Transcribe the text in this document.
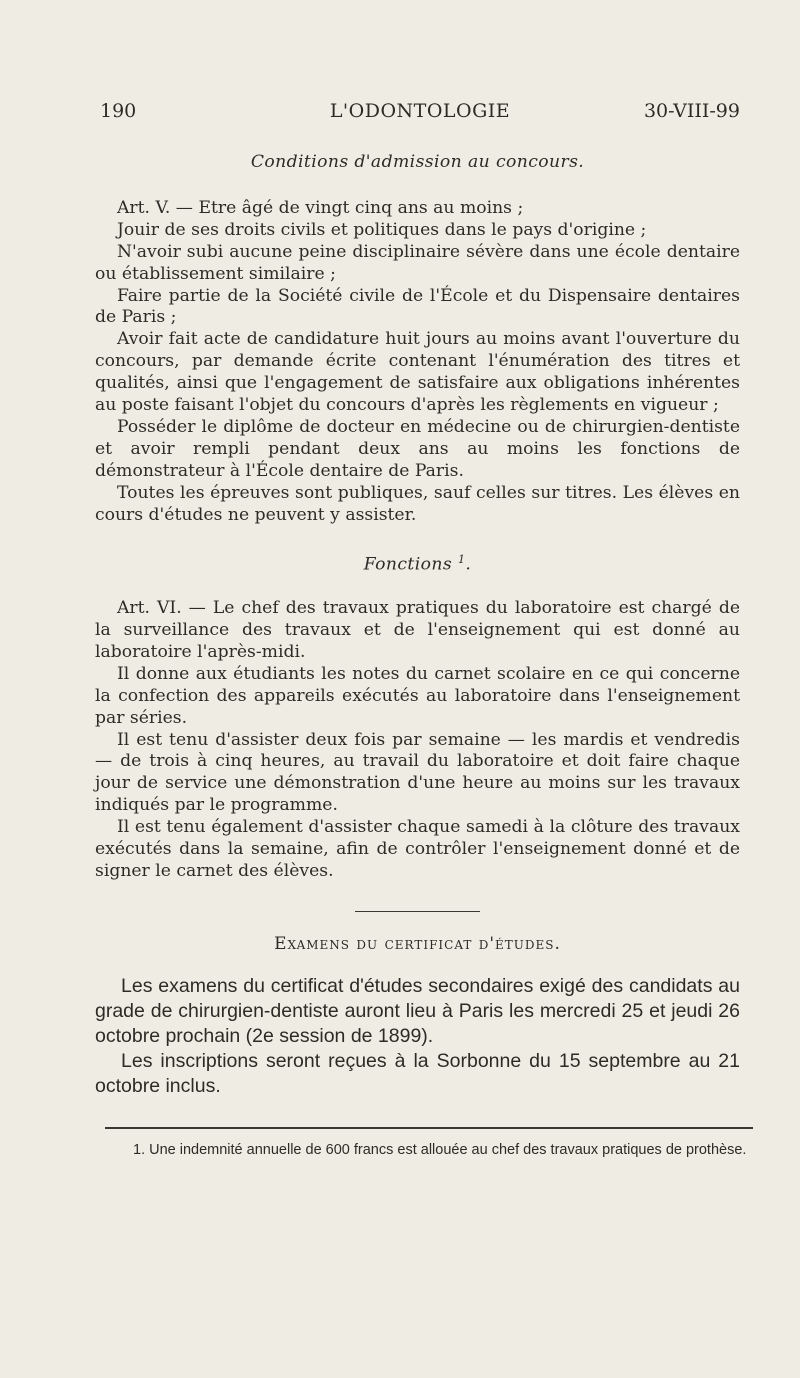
190	L'ODONTOLOGIE	30-VIII-99
Conditions d'admission au concours.

Art. V. — Etre âgé de vingt cinq ans au moins ;

Jouir de ses droits civils et politiques dans le pays d'origine ;

N'avoir subi aucune peine disciplinaire sévère dans une école dentaire ou établissement similaire ;

Faire partie de la Société civile de l'École et du Dispensaire dentaires de Paris ;

Avoir fait acte de candidature huit jours au moins avant l'ouverture du concours, par demande écrite contenant l'énumération des titres et qualités, ainsi que l'engagement de satisfaire aux obligations inhérentes au poste faisant l'objet du concours d'après les règlements en vigueur ;

Posséder le diplôme de docteur en médecine ou de chirurgien-dentiste et avoir rempli pendant deux ans au moins les fonctions de démonstrateur à l'École dentaire de Paris.

Toutes les épreuves sont publiques, sauf celles sur titres. Les élèves en cours d'études ne peuvent y assister.

Fonctions $^1$.

Art. VI. — Le chef des travaux pratiques du laboratoire est chargé de la surveillance des travaux et de l'enseignement qui est donné au laboratoire l'après-midi.

Il donne aux étudiants les notes du carnet scolaire en ce qui concerne la confection des appareils exécutés au laboratoire dans l'enseignement par séries.

Il est tenu d'assister deux fois par semaine — les mardis et vendredis — de trois à cinq heures, au travail du laboratoire et doit faire chaque jour de service une démonstration d'une heure au moins sur les travaux indiqués par le programme.

Il est tenu également d'assister chaque samedi à la clôture des travaux exécutés dans la semaine, afin de contrôler l'enseignement donné et de signer le carnet des élèves.

Examens du certificat d'études.

Les examens du certificat d'études secondaires exigé des candidats au grade de chirurgien-dentiste auront lieu à Paris les mercredi 25 et jeudi 26 octobre prochain (2e session de 1899).

Les inscriptions seront reçues à la Sorbonne du 15 septembre au 21 octobre inclus.

1. Une indemnité annuelle de 600 francs est allouée au chef des travaux pratiques de prothèse.
